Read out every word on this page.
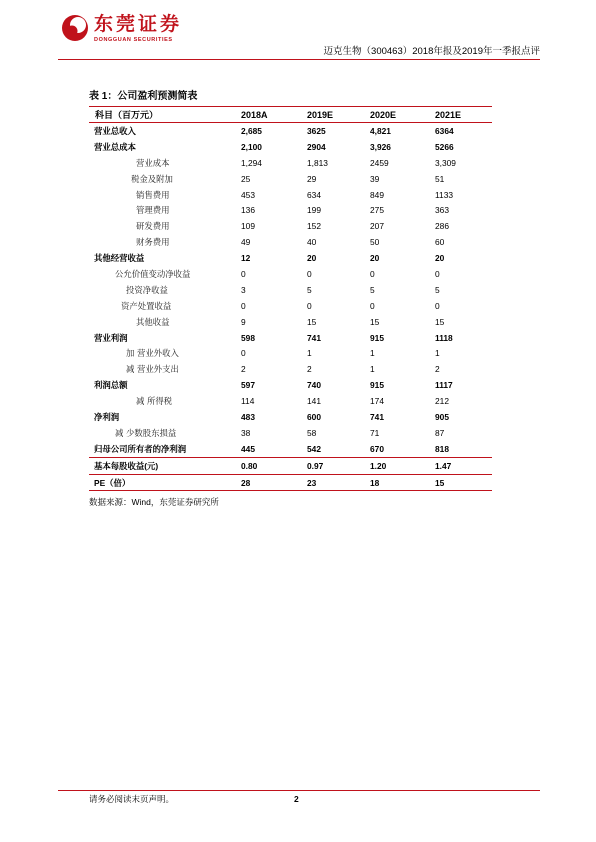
东莞证券
DONGGUAN SECURITIES
迈克生物（300463）2018年报及2019年一季报点评
表 1：公司盈利预测简表
科目（百万元）	2018A	2019E	2020E	2021E
营业总收入	2,685	3625	4,821	6364
营业总成本	2,100	2904	3,926	5266
营业成本	1,294	1,813	2459	3,309
税金及附加	25	29	39	51
销售费用	453	634	849	1133
管理费用	136	199	275	363
研发费用	109	152	207	286
财务费用	49	40	50	60
其他经营收益	12	20	20	20
公允价值变动净收益	0	0	0	0
投资净收益	3	5	5	5
资产处置收益	0	0	0	0
其他收益	9	15	15	15
营业利润	598	741	915	1118
加 营业外收入	0	1	1	1
减 营业外支出	2	2	1	2
利润总额	597	740	915	1117
减 所得税	114	141	174	212
净利润	483	600	741	905
减 少数股东损益	38	58	71	87
归母公司所有者的净利润	445	542	670	818
基本每股收益(元)	0.80	0.97	1.20	1.47
PE（倍）	28	23	18	15
数据来源：Wind，东莞证券研究所
请务必阅读末页声明。	2
